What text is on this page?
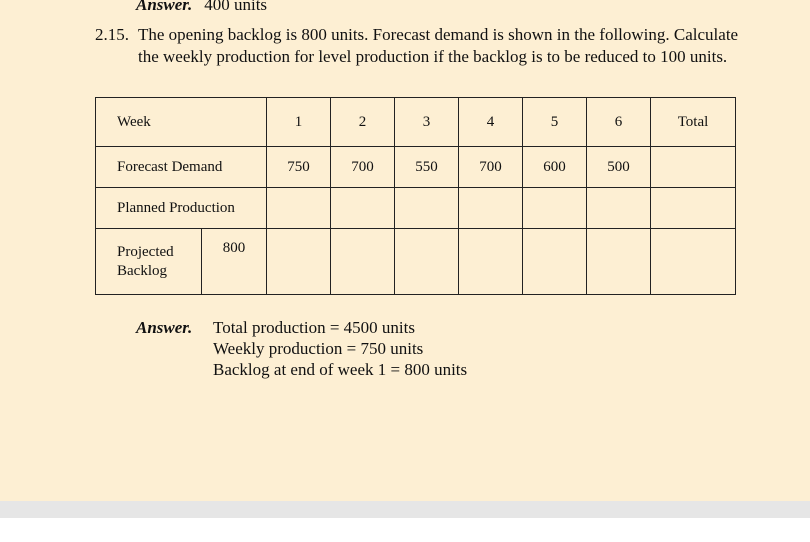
Answer. 400 units
2.15. The opening backlog is 800 units. Forecast demand is shown in the following. Calculate the weekly production for level production if the backlog is to be reduced to 100 units.
Week		1	2	3	4	5	6	Total
Forecast Demand		750	700	550	700	600	500	
Planned Production								
Projected
Backlog	800							
Answer. Total production = 4500 units
Weekly production = 750 units
Backlog at end of week 1 = 800 units
